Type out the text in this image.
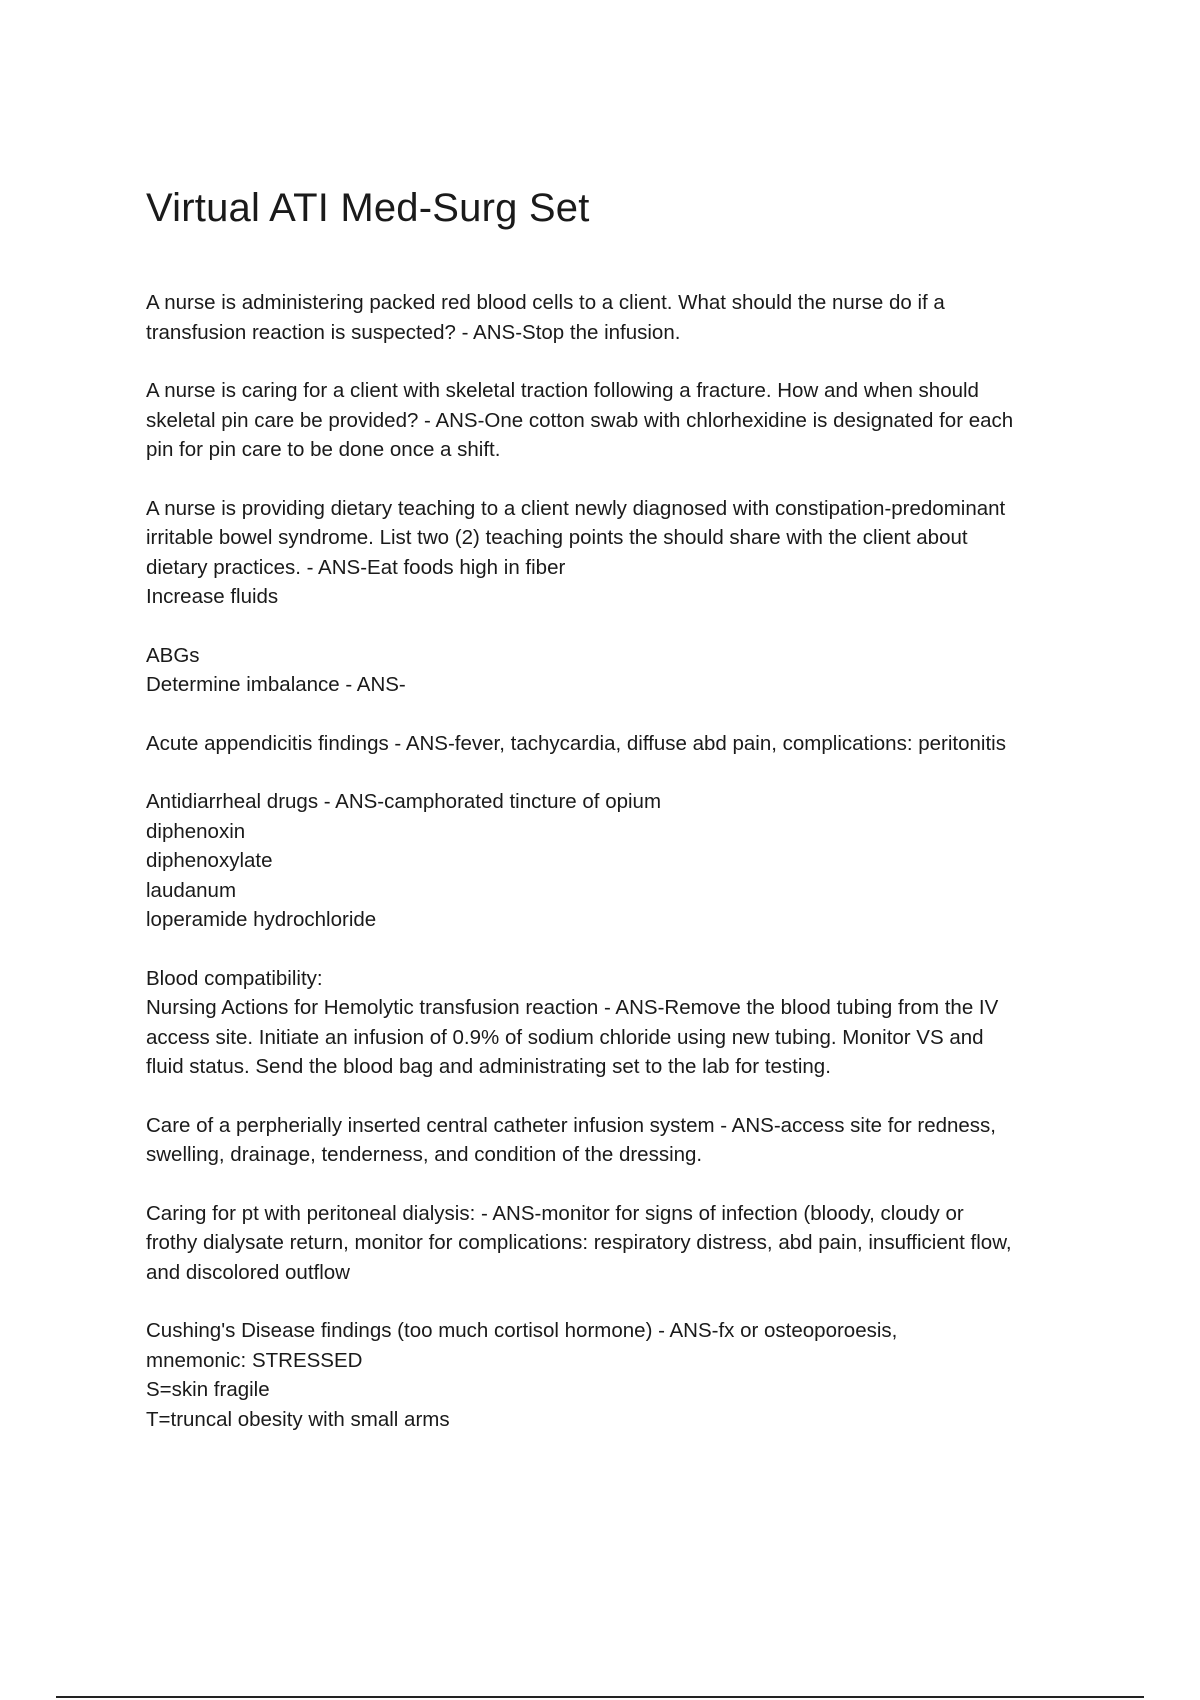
Virtual ATI Med-Surg Set
A nurse is administering packed red blood cells to a client. What should the nurse do if a
transfusion reaction is suspected? - ANS-Stop the infusion.
A nurse is caring for a client with skeletal traction following a fracture. How and when should
skeletal pin care be provided? - ANS-One cotton swab with chlorhexidine is designated for each
pin for pin care to be done once a shift.
A nurse is providing dietary teaching to a client newly diagnosed with constipation-predominant
irritable bowel syndrome. List two (2) teaching points the should share with the client about
dietary practices. - ANS-Eat foods high in fiber
Increase fluids
ABGs
Determine imbalance - ANS-
Acute appendicitis findings - ANS-fever, tachycardia, diffuse abd pain, complications: peritonitis
Antidiarrheal drugs - ANS-camphorated tincture of opium
diphenoxin
diphenoxylate
laudanum
loperamide hydrochloride
Blood compatibility:
Nursing Actions for Hemolytic transfusion reaction - ANS-Remove the blood tubing from the IV
access site. Initiate an infusion of 0.9% of sodium chloride using new tubing. Monitor VS and
fluid status. Send the blood bag and administrating set to the lab for testing.
Care of a perpherially inserted central catheter infusion system - ANS-access site for redness,
swelling, drainage, tenderness, and condition of the dressing.
Caring for pt with peritoneal dialysis: - ANS-monitor for signs of infection (bloody, cloudy or
frothy dialysate return, monitor for complications: respiratory distress, abd pain, insufficient flow,
and discolored outflow
Cushing's Disease findings (too much cortisol hormone) - ANS-fx or osteoporoesis,
mnemonic: STRESSED
S=skin fragile
T=truncal obesity with small arms
